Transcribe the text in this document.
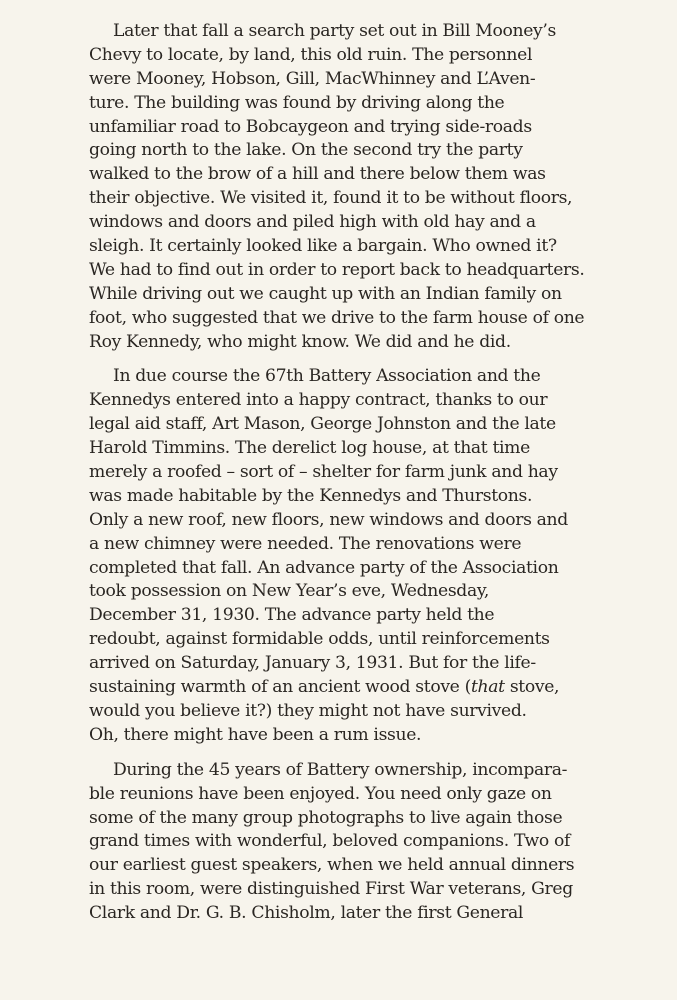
Later that fall a search party set out in Bill Mooney’s
Chevy to locate, by land, this old ruin. The personnel
were Mooney, Hobson, Gill, MacWhinney and L’Aven-
ture. The building was found by driving along the
unfamiliar road to Bobcaygeon and trying side-roads
going north to the lake. On the second try the party
walked to the brow of a hill and there below them was
their objective. We visited it, found it to be without floors,
windows and doors and piled high with old hay and a
sleigh. It certainly looked like a bargain. Who owned it?
We had to find out in order to report back to headquarters.
While driving out we caught up with an Indian family on
foot, who suggested that we drive to the farm house of one
Roy Kennedy, who might know. We did and he did.
In due course the 67th Battery Association and the
Kennedys entered into a happy contract, thanks to our
legal aid staff, Art Mason, George Johnston and the late
Harold Timmins. The derelict log house, at that time
merely a roofed – sort of – shelter for farm junk and hay
was made habitable by the Kennedys and Thurstons.
Only a new roof, new floors, new windows and doors and
a new chimney were needed. The renovations were
completed that fall. An advance party of the Association
took possession on New Year’s eve, Wednesday,
December 31, 1930. The advance party held the
redoubt, against formidable odds, until reinforcements
arrived on Saturday, January 3, 1931. But for the life-
sustaining warmth of an ancient wood stove (that stove,
would you believe it?) they might not have survived.
Oh, there might have been a rum issue.
During the 45 years of Battery ownership, incompara-
ble reunions have been enjoyed. You need only gaze on
some of the many group photographs to live again those
grand times with wonderful, beloved companions. Two of
our earliest guest speakers, when we held annual dinners
in this room, were distinguished First War veterans, Greg
Clark and Dr. G. B. Chisholm, later the first General
